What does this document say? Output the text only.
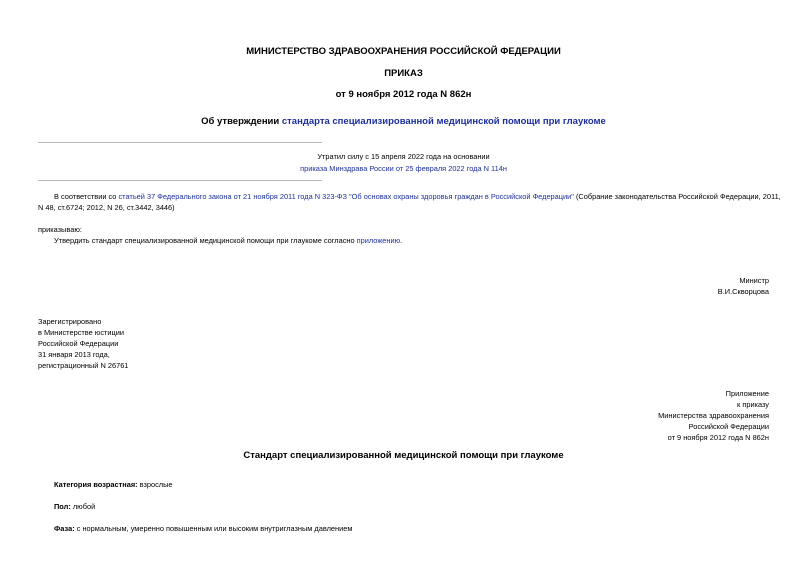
МИНИСТЕРСТВО ЗДРАВООХРАНЕНИЯ РОССИЙСКОЙ ФЕДЕРАЦИИ
ПРИКАЗ
от 9 ноября 2012 года N 862н
Об утверждении стандарта специализированной медицинской помощи при глаукоме
Утратил силу с 15 апреля 2022 года на основании
приказа Минздрава России от 25 февраля 2022 года N 114н
В соответствии со статьей 37 Федерального закона от 21 ноября 2011 года N 323-ФЗ "Об основах охраны здоровья граждан в Российской Федерации" (Собрание законодательства Российской Федерации, 2011,
N 48, ст.6724; 2012, N 26, ст.3442, 3446)
приказываю:
Утвердить стандарт специализированной медицинской помощи при глаукоме согласно приложению.
Министр
В.И.Скворцова
Зарегистрировано
в Министерстве юстиции
Российской Федерации
31 января 2013 года,
регистрационный N 26761
Приложение
к приказу
Министерства здравоохранения
Российской Федерации
от 9 ноября 2012 года N 862н
Стандарт специализированной медицинской помощи при глаукоме
Категория возрастная: взрослые
Пол: любой
Фаза: с нормальным, умеренно повышенным или высоким внутриглазным давлением
